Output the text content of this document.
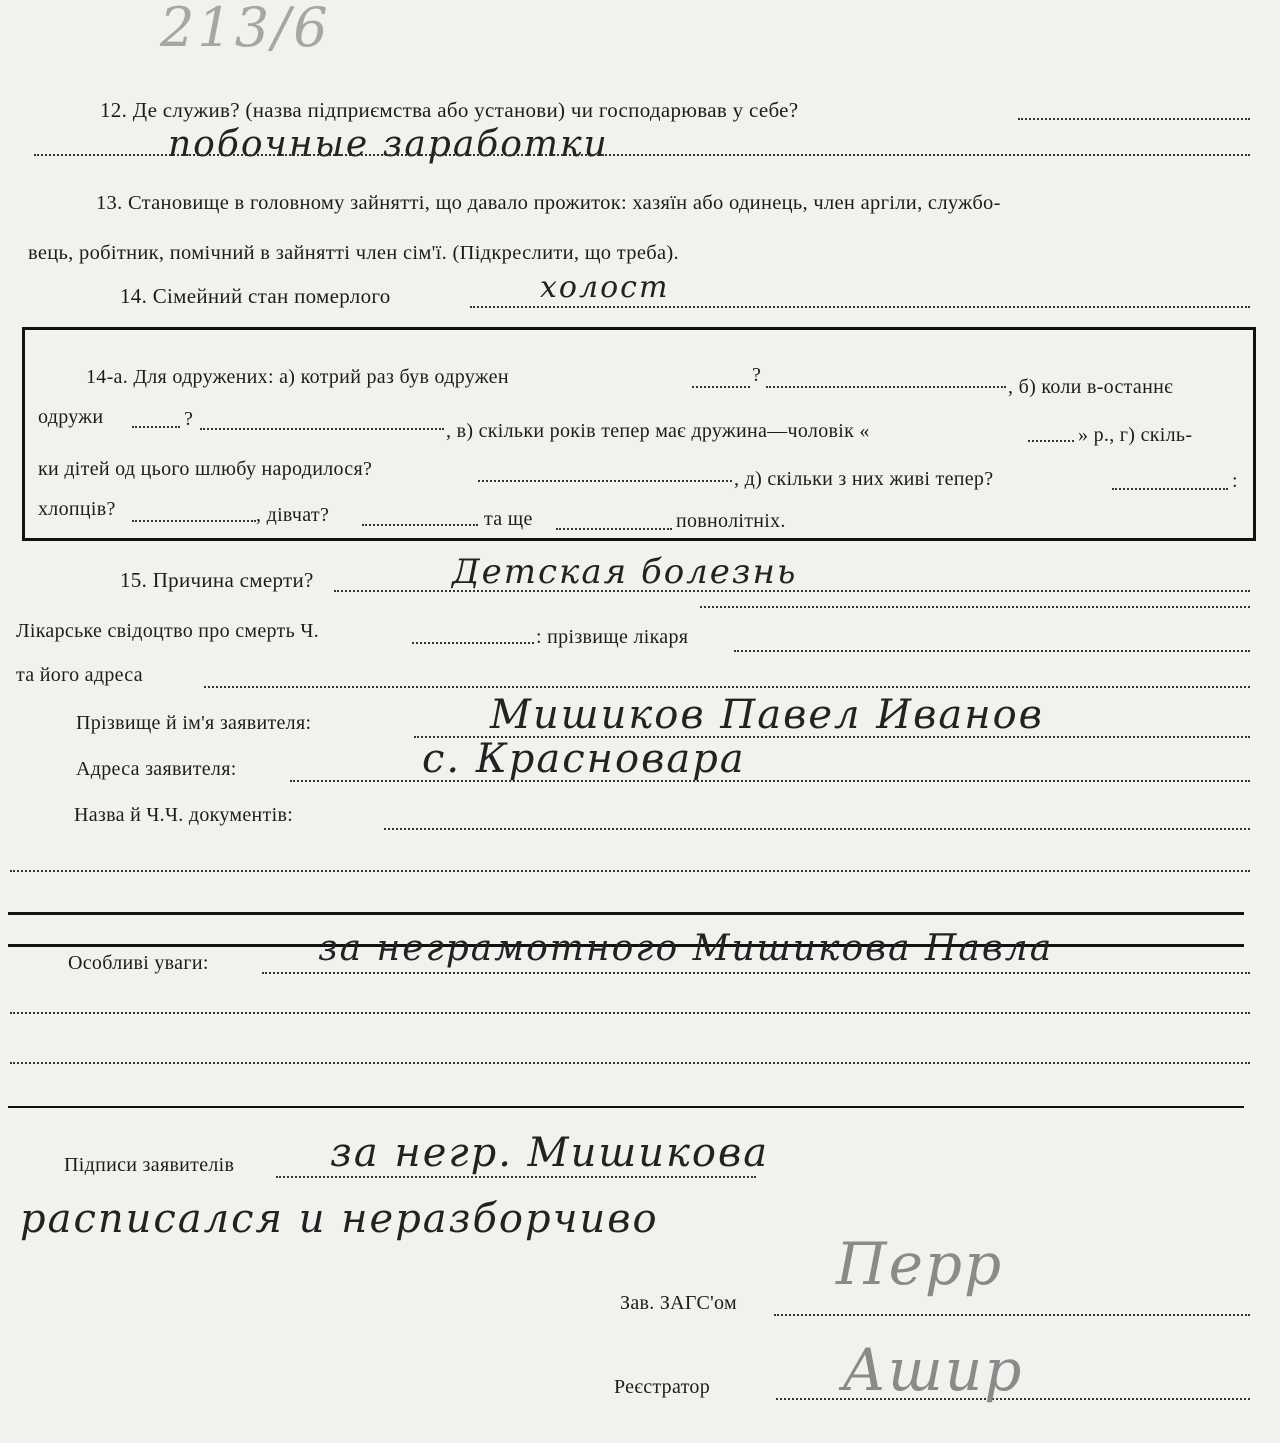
213/6
12. Де служив? (назва підприємства або установи) чи господарював у себе?
побочные заработки
13. Становище в головному зайнятті, що давало прожиток: хазяїн або одинець, член аргіли, службо-
вець, робітник, помічний в зайнятті член сім'ї. (Підкреслити, що треба).
14. Сімейний стан померлого	холост
14-а. Для одружених: а) котрий раз був одружен	?
, б) коли в-останнє
одружи	?
, в) скільки років тепер має дружина—чоловік «	» р., г) скіль-
ки дітей од цього шлюбу народилося?	, д) скільки з них живі тепер?	:
хлопців?	, дівчат?	та ще	повнолітніх.
15. Причина смерти?	Детская болезнь
Лікарське свідоцтво про смерть Ч.	: прізвище лікаря
та його адреса
Прізвище й ім'я заявителя:	Мишиков Павел Иванов
Адреса заявителя:	с. Красновара
Назва й Ч.Ч. документів:
Особливі уваги:	за неграмотного Мишикова Павла
Підписи заявителів за негр. Мишикова
расписался и неразборчиво
Зав. ЗАГС'ом
Перр
Реєстратор Ашир
